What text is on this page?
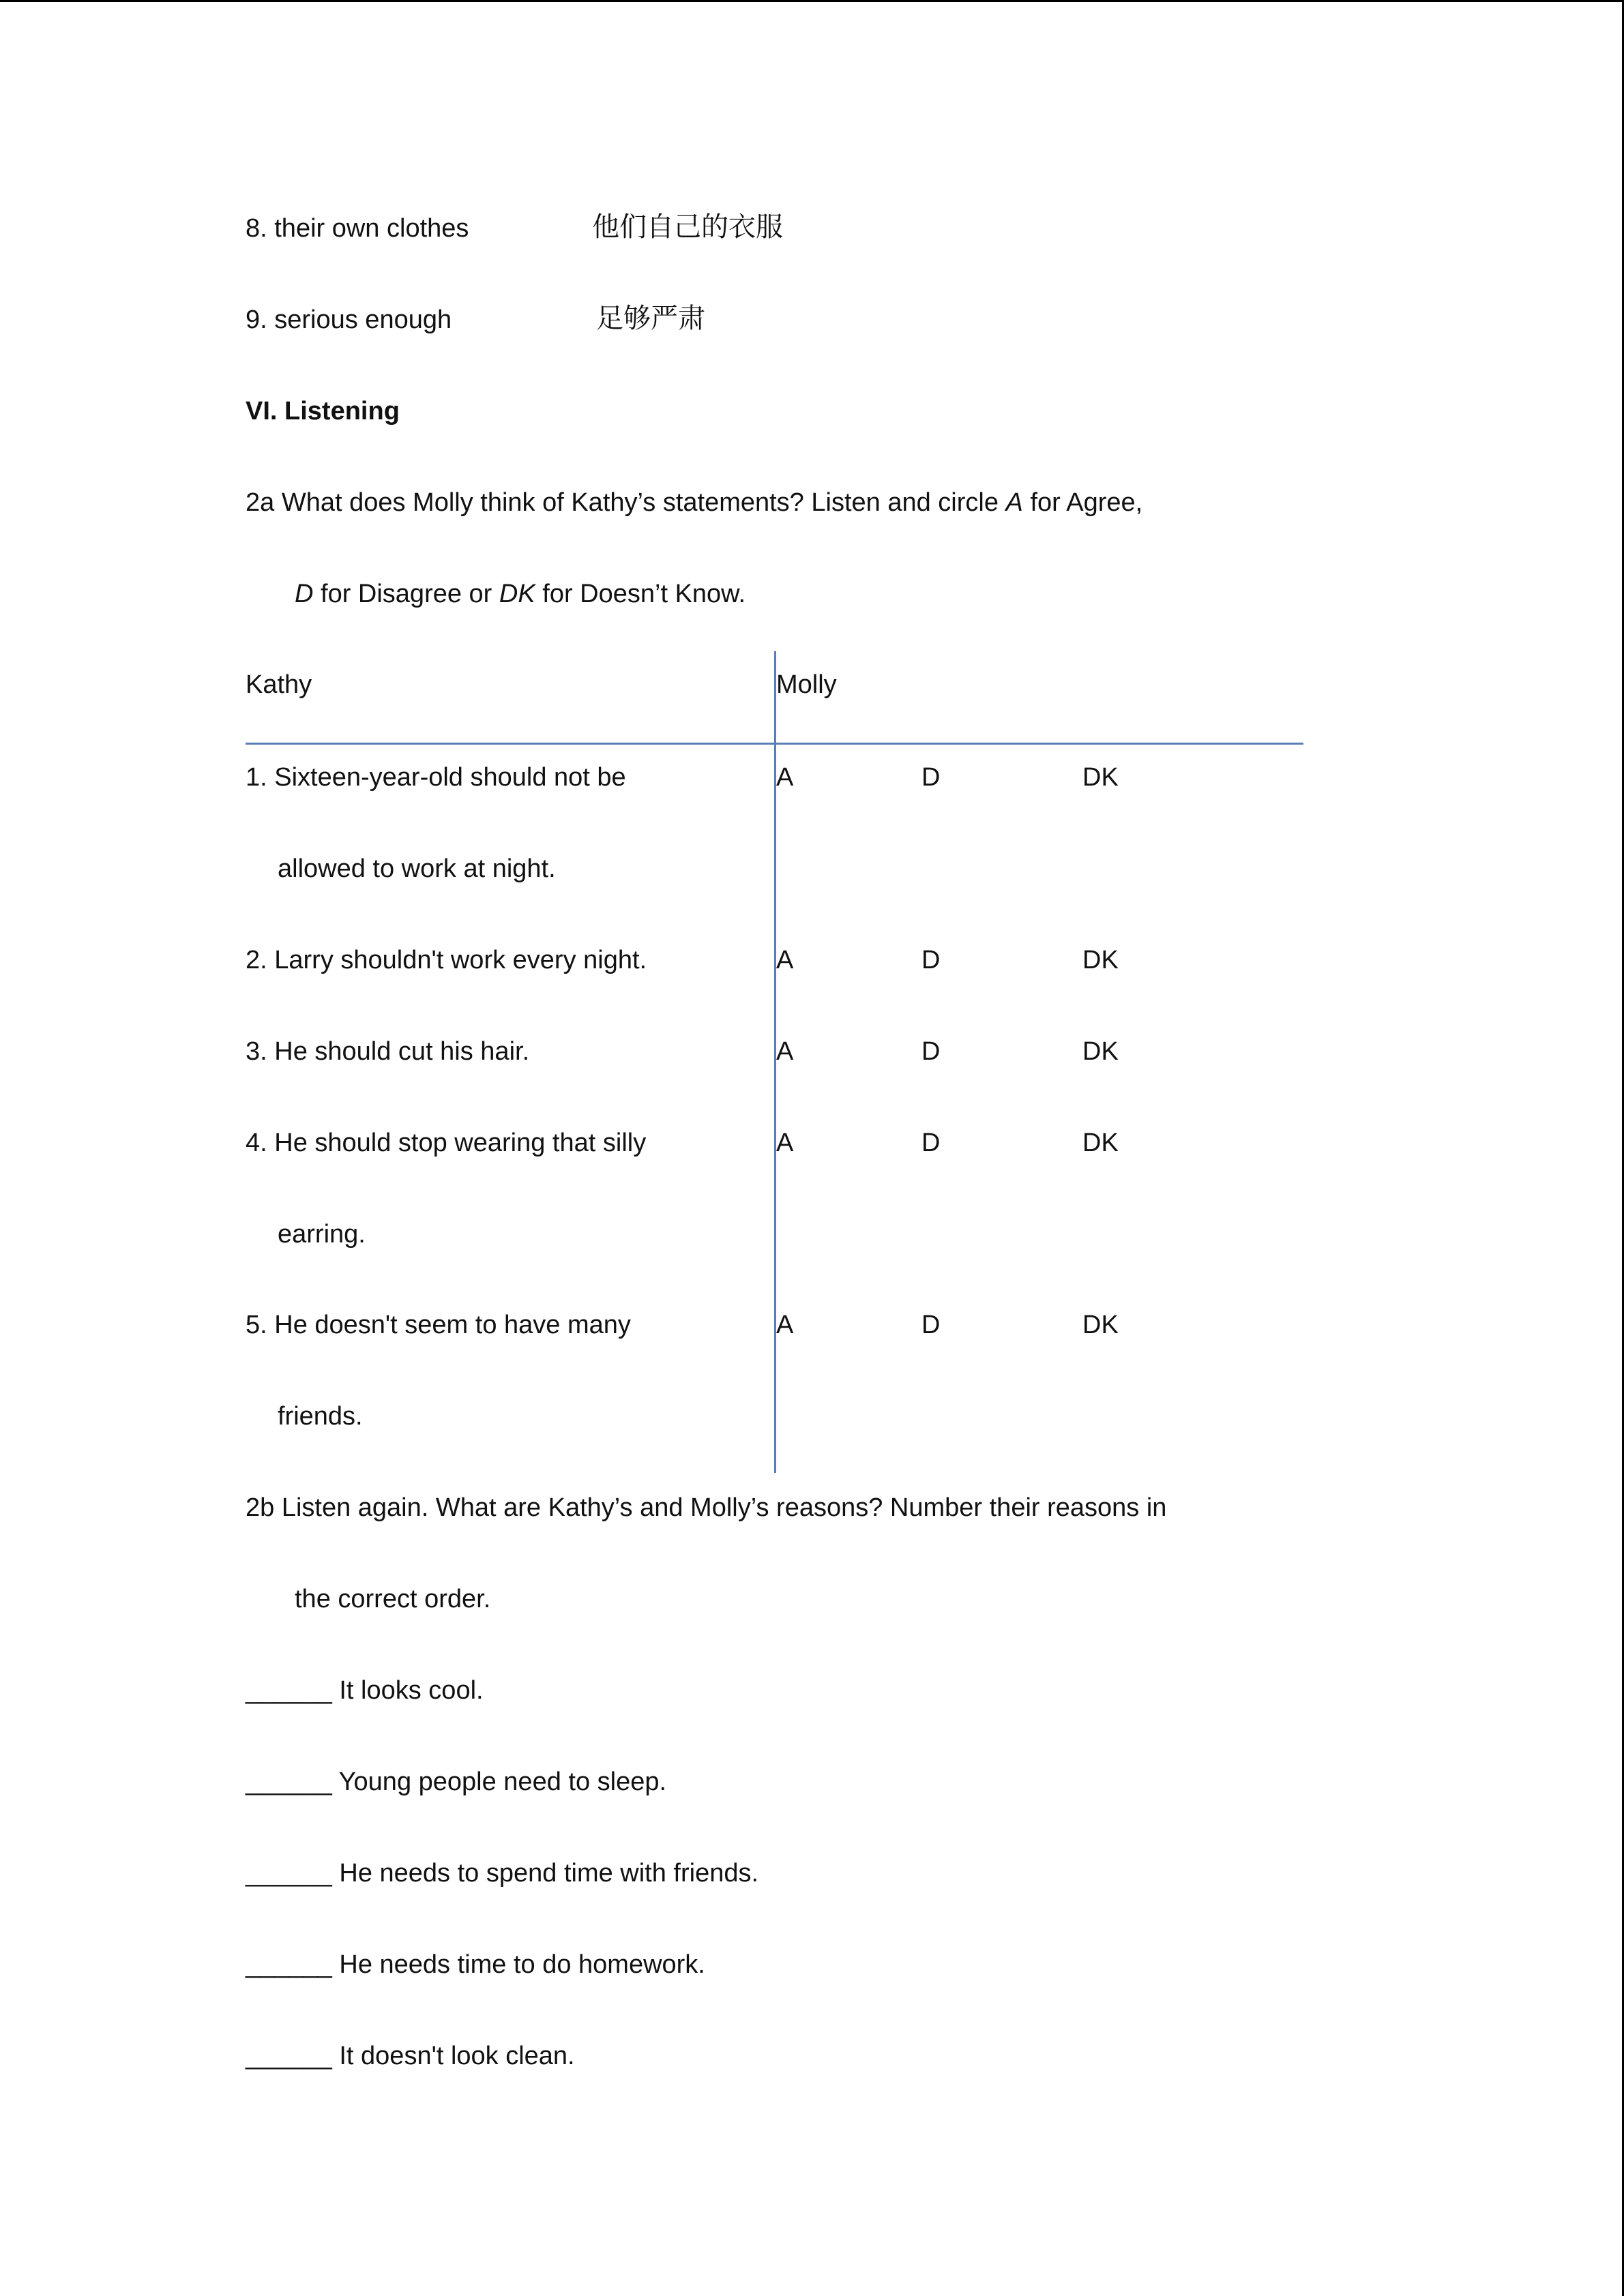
8. their own clothes	他们自己的衣服
9. serious enough	足够严肃
VI. Listening
2a What does Molly think of Kathy’s statements? Listen and circle A for Agree,
D for Disagree or DK for Doesn’t Know.
Kathy	Molly
1. Sixteen-year-old should not be
allowed to work at night.
A	D	DK
2. Larry shouldn't work every night.	A	D	DK
3. He should cut his hair.	A	D	DK
4. He should stop wearing that silly
earring.
A	D	DK
5. He doesn't seem to have many
friends.
A	D	DK
2b Listen again. What are Kathy’s and Molly’s reasons? Number their reasons in
the correct order.
______ It looks cool.
______ Young people need to sleep.
______ He needs to spend time with friends.
______ He needs time to do homework.
______ It doesn't look clean.
